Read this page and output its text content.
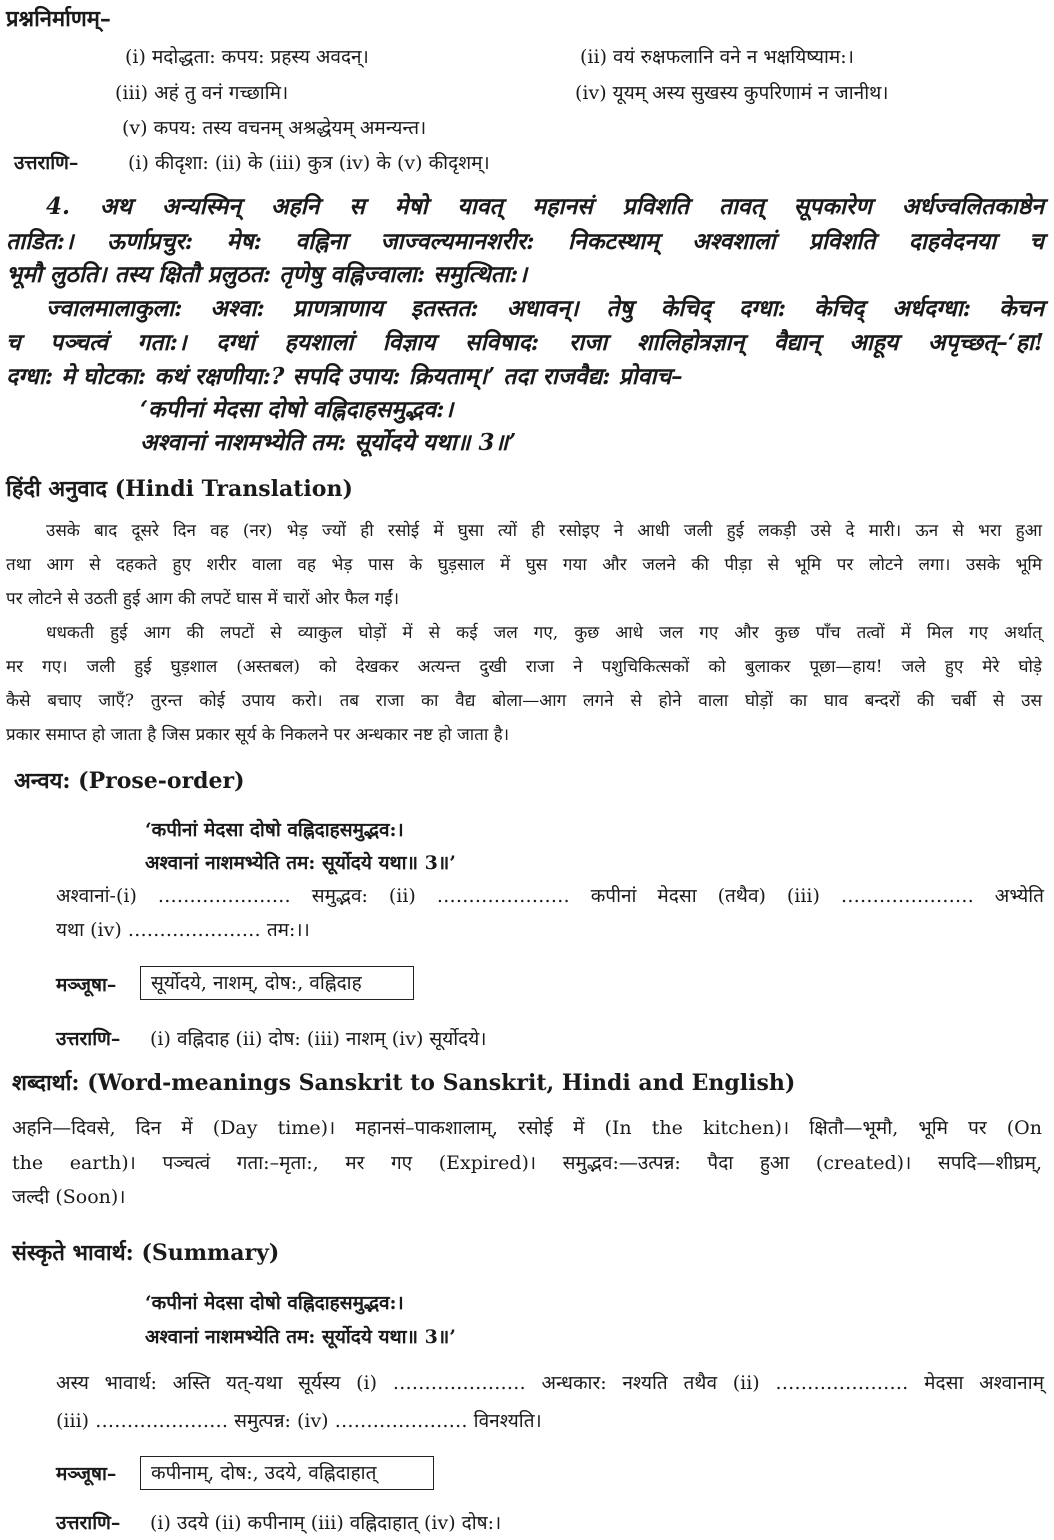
प्रश्ननिर्माणम्–
(i) मदोद्धता: कपय: प्रहस्य अवदन्।	(ii) वयं रुक्षफलानि वने न भक्षयिष्याम:।
(iii) अहं तु वनं गच्छामि।	(iv) यूयम् अस्य सुखस्य कुपरिणामं न जानीथ।
(v) कपय: तस्य वचनम् अश्रद्धेयम् अमन्यन्त।
उत्तराणि–	(i) कीदृशा: (ii) के (iii) कुत्र (iv) के (v) कीदृशम्।
4. अथ अन्यस्मिन् अहनि स मेषो यावत् महानसं प्रविशति तावत् सूपकारेण अर्धज्वलितकाष्ठेन
ताडित:। ऊर्णाप्रचुर: मेष: वह्निना जाज्वल्यमानशरीर: निकटस्थाम् अश्वशालां प्रविशति दाहवेदनया च
भूमौ लुठति। तस्य क्षितौ प्रलुठत: तृणेषु वह्निज्वाला: समुत्थिता:।
ज्वालमालाकुला: अश्वा: प्राणत्राणाय इतस्तत: अधावन्। तेषु केचिद् दग्धा: केचिद् अर्धदग्धा: केचन
च पञ्चत्वं गता:। दग्धां हयशालां विज्ञाय सविषाद: राजा शालिहोत्रज्ञान् वैद्यान् आहूय अपृच्छत्–‘हा!
दग्धा: मे घोटका: कथं रक्षणीया:? सपदि उपाय: क्रियताम्।’ तदा राजवैद्य: प्रोवाच–
‘कपीनां मेदसा दोषो वह्निदाहसमुद्भव:।
अश्वानां नाशमभ्येति तम: सूर्योदये यथा॥ 3॥’
हिंदी अनुवाद (Hindi Translation)
उसके बाद दूसरे दिन वह (नर) भेड़ ज्यों ही रसोई में घुसा त्यों ही रसोइए ने आधी जली हुई लकड़ी उसे दे मारी। ऊन से भरा हुआ
तथा आग से दहकते हुए शरीर वाला वह भेड़ पास के घुड़साल में घुस गया और जलने की पीड़ा से भूमि पर लोटने लगा। उसके भूमि
पर लोटने से उठती हुई आग की लपटें घास में चारों ओर फैल गईं।
धधकती हुई आग की लपटों से व्याकुल घोड़ों में से कई जल गए, कुछ आधे जल गए और कुछ पाँच तत्वों में मिल गए अर्थात्
मर गए। जली हुई घुड़शाल (अस्तबल) को देखकर अत्यन्त दुखी राजा ने पशुचिकित्सकों को बुलाकर पूछा—हाय! जले हुए मेरे घोड़े
कैसे बचाए जाएँ? तुरन्त कोई उपाय करो। तब राजा का वैद्य बोला—आग लगने से होने वाला घोड़ों का घाव बन्दरों की चर्बी से उस
प्रकार समाप्त हो जाता है जिस प्रकार सूर्य के निकलने पर अन्धकार नष्ट हो जाता है।
अन्वय: (Prose-order)
‘कपीनां मेदसा दोषो वह्निदाहसमुद्भव:।
अश्वानां नाशमभ्येति तम: सूर्योदये यथा॥ 3॥’
अश्वानां-(i) ………………… समुद्भव: (ii) ………………… कपीनां मेदसा (तथैव) (iii) ………………… अभ्येति
यथा (iv) ………………… तम:।।
मञ्जूषा–	सूर्योदये, नाशम्, दोष:, वह्निदाह
उत्तराणि– (i) वह्निदाह (ii) दोष: (iii) नाशम् (iv) सूर्योदये।
शब्दार्था: (Word-meanings Sanskrit to Sanskrit, Hindi and English)
अहनि—दिवसे, दिन में (Day time)। महानसं–पाकशालाम्, रसोई में (In the kitchen)। क्षितौ—भूमौ, भूमि पर (On
the earth)। पञ्चत्वं गता:–मृता:, मर गए (Expired)। समुद्भव:—उत्पन्न: पैदा हुआ (created)। सपदि—शीघ्रम्,
जल्दी (Soon)।
संस्कृते भावार्थ: (Summary)
‘कपीनां मेदसा दोषो वह्निदाहसमुद्भव:।
अश्वानां नाशमभ्येति तम: सूर्योदये यथा॥ 3॥’
अस्य भावार्थ: अस्ति यत्-यथा सूर्यस्य (i) ………………… अन्धकार: नश्यति तथैव (ii) ………………… मेदसा अश्वानाम्
(iii) ………………… समुत्पन्न: (iv) ………………… विनश्यति।
मञ्जूषा–	कपीनाम्, दोष:, उदये, वह्निदाहात्
उत्तराणि– (i) उदये (ii) कपीनाम् (iii) वह्निदाहात् (iv) दोष:।
